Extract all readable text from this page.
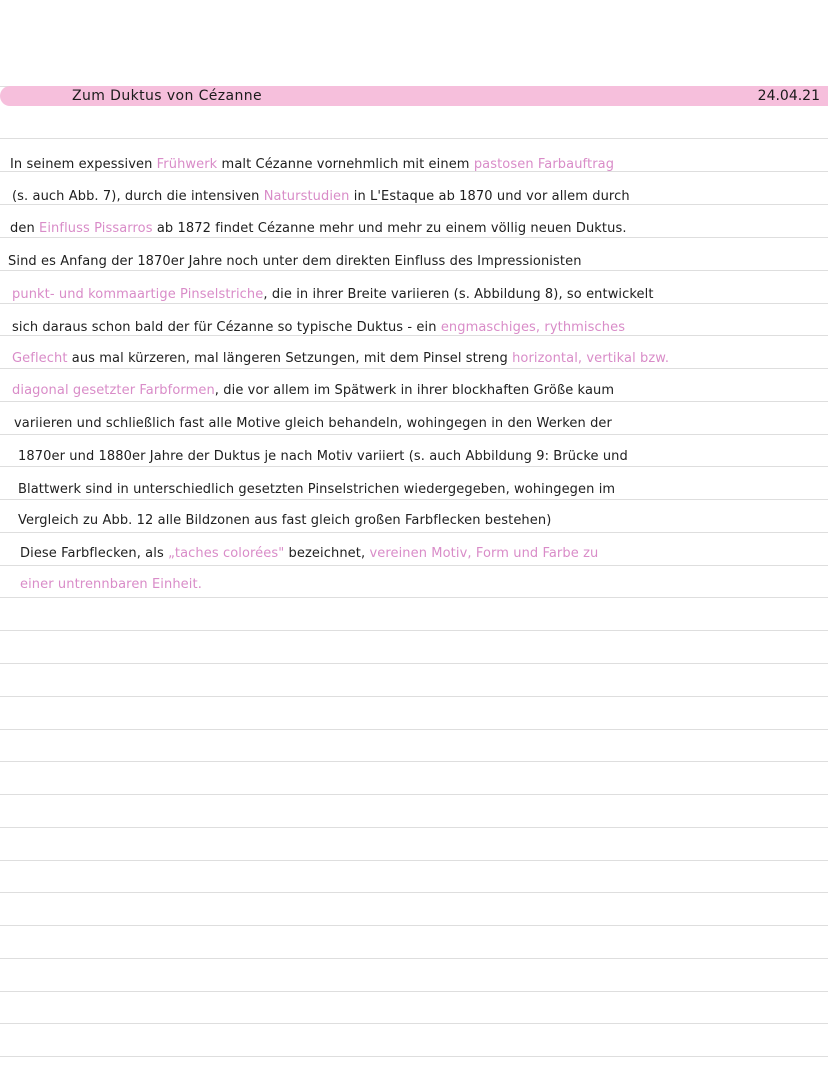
Zum Duktus von Cézanne	24.04.21
In seinem expessiven Frühwerk malt Cézanne vornehmlich mit einem pastosen Farbauftrag
(s. auch Abb. 7), durch die intensiven Naturstudien in L'Estaque ab 1870 und vor allem durch
den Einfluss Pissarros ab 1872 findet Cézanne mehr und mehr zu einem völlig neuen Duktus.
Sind es Anfang der 1870er Jahre noch unter dem direkten Einfluss des Impressionisten
punkt- und kommaartige Pinselstriche, die in ihrer Breite variieren (s. Abbildung 8), so entwickelt
sich daraus schon bald der für Cézanne so typische Duktus - ein engmaschiges, rythmisches
Geflecht aus mal kürzeren, mal längeren Setzungen, mit dem Pinsel streng horizontal, vertikal bzw.
diagonal gesetzter Farbformen, die vor allem im Spätwerk in ihrer blockhaften Größe kaum
variieren und schließlich fast alle Motive gleich behandeln, wohingegen in den Werken der
1870er und 1880er Jahre der Duktus je nach Motiv variiert (s. auch Abbildung 9: Brücke und
Blattwerk sind in unterschiedlich gesetzten Pinselstrichen wiedergegeben, wohingegen im
Vergleich zu Abb. 12 alle Bildzonen aus fast gleich großen Farbflecken bestehen)
Diese Farbflecken, als „taches colorées" bezeichnet, vereinen Motiv, Form und Farbe zu
einer untrennbaren Einheit.
